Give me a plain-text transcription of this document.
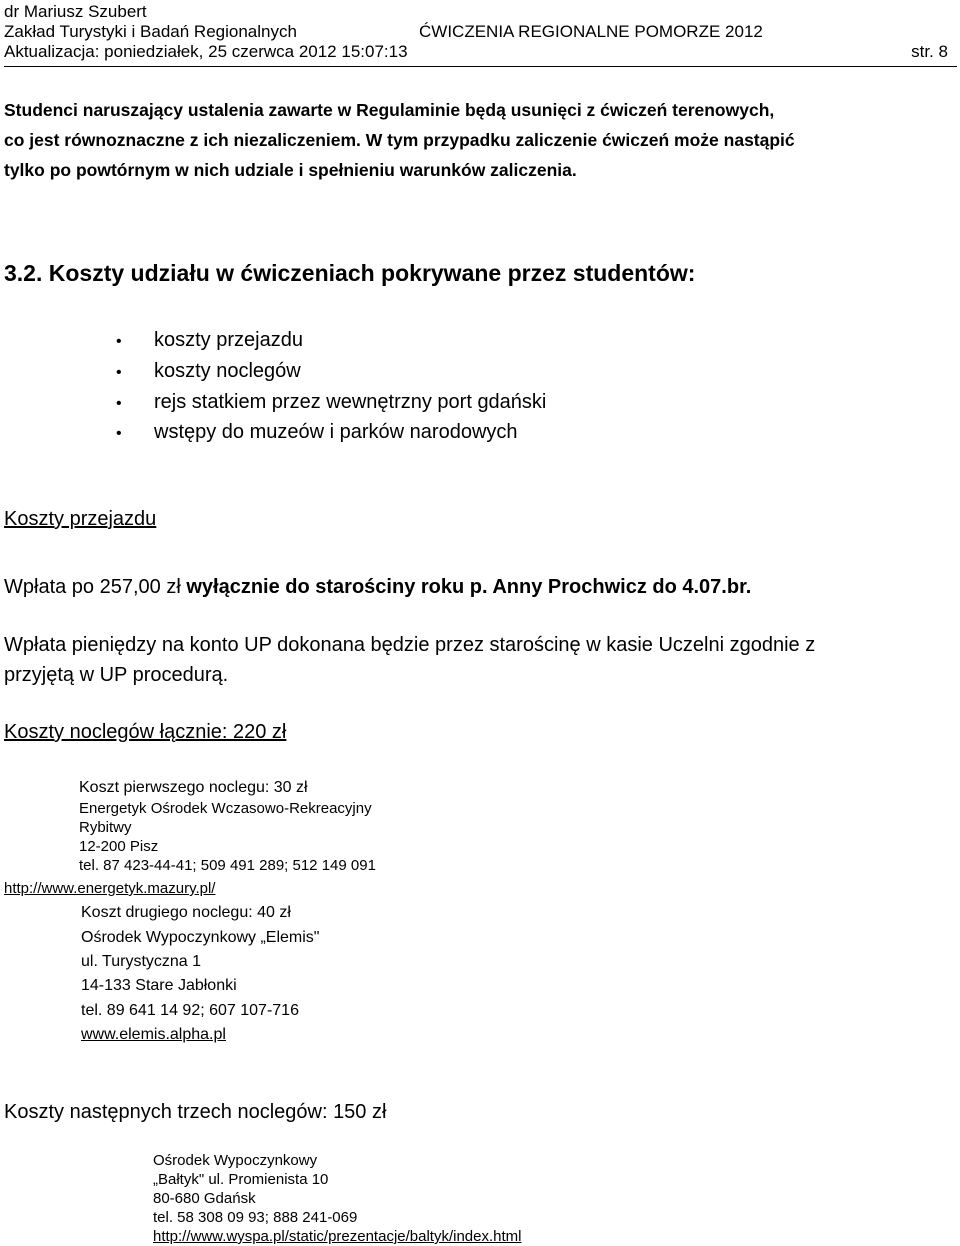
dr Mariusz Szubert
Zakład Turystyki i Badań Regionalnych	ĆWICZENIA REGIONALNE POMORZE 2012
Aktualizacja: poniedziałek, 25 czerwca 2012 15:07:13	str. 8
Studenci naruszający ustalenia zawarte w Regulaminie będą usunięci z ćwiczeń terenowych,
co jest równoznaczne z ich niezaliczeniem. W tym przypadku zaliczenie ćwiczeń może nastąpić
tylko po powtórnym w nich udziale i spełnieniu warunków zaliczenia.
3.2. Koszty udziału w ćwiczeniach pokrywane przez studentów:
• koszty przejazdu
• koszty noclegów
• rejs statkiem przez wewnętrzny port gdański
• wstępy do muzeów i parków narodowych
Koszty przejazdu
Wpłata po 257,00 zł wyłącznie do starościny roku p. Anny Prochwicz do 4.07.br.
Wpłata pieniędzy na konto UP dokonana będzie przez starościnę w kasie Uczelni zgodnie z
przyjętą w UP procedurą.
Koszty noclegów łącznie: 220 zł
Koszt pierwszego noclegu: 30 zł
Energetyk Ośrodek Wczasowo-Rekreacyjny
Rybitwy
12-200 Pisz
tel. 87 423-44-41; 509 491 289; 512 149 091
http://www.energetyk.mazury.pl/
Koszt drugiego noclegu: 40 zł
Ośrodek Wypoczynkowy „Elemis"
ul. Turystyczna 1
14-133 Stare Jabłonki
tel. 89 641 14 92; 607 107-716
www.elemis.alpha.pl
Koszty następnych trzech noclegów: 150 zł
Ośrodek Wypoczynkowy
„Bałtyk" ul. Promienista 10
80-680 Gdańsk
tel. 58 308 09 93; 888 241-069
http://www.wyspa.pl/static/prezentacje/baltyk/index.html
